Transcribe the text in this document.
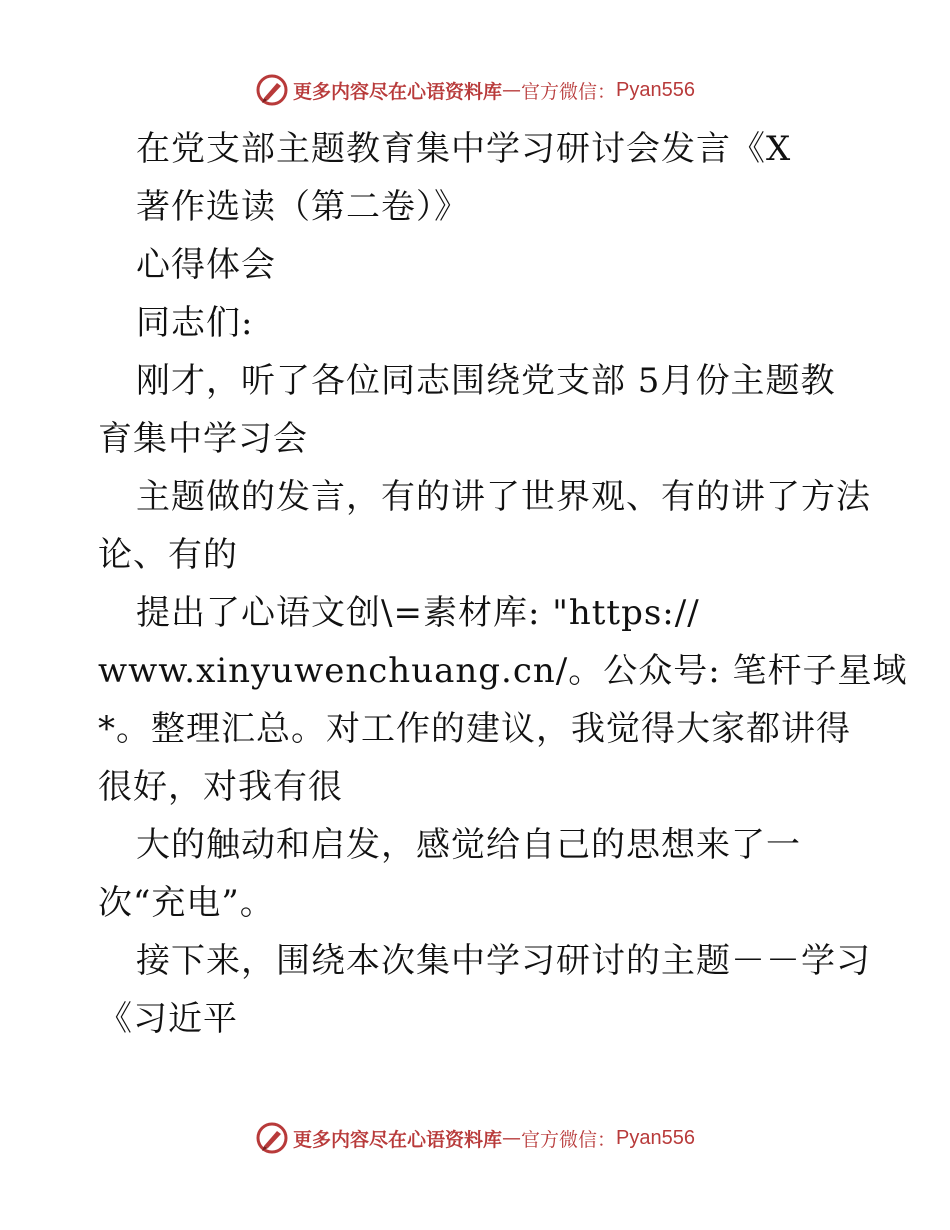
更多内容尽在心语资料库 — 官方微信： Pyan556
在党支部主题教育集中学习研讨会发言《X
著作选读（第二卷）》
心得体会
同志们:
刚才，听了各位同志围绕党支部 5月份主题教
育集中学习会
主题做的发言，有的讲了世界观、有的讲了方法
论、有的
提出了心语文创\=素材库: "https://
www.xinyuwenchuang.cn/。公众号: 笔杆子星域
*。整理汇总。对工作的建议，我觉得大家都讲得
很好，对我有很
大的触动和启发，感觉给自己的思想来了一
次“充电”。
接下来，围绕本次集中学习研讨的主题－－学习
《习近平
更多内容尽在心语资料库 — 官方微信： Pyan556
